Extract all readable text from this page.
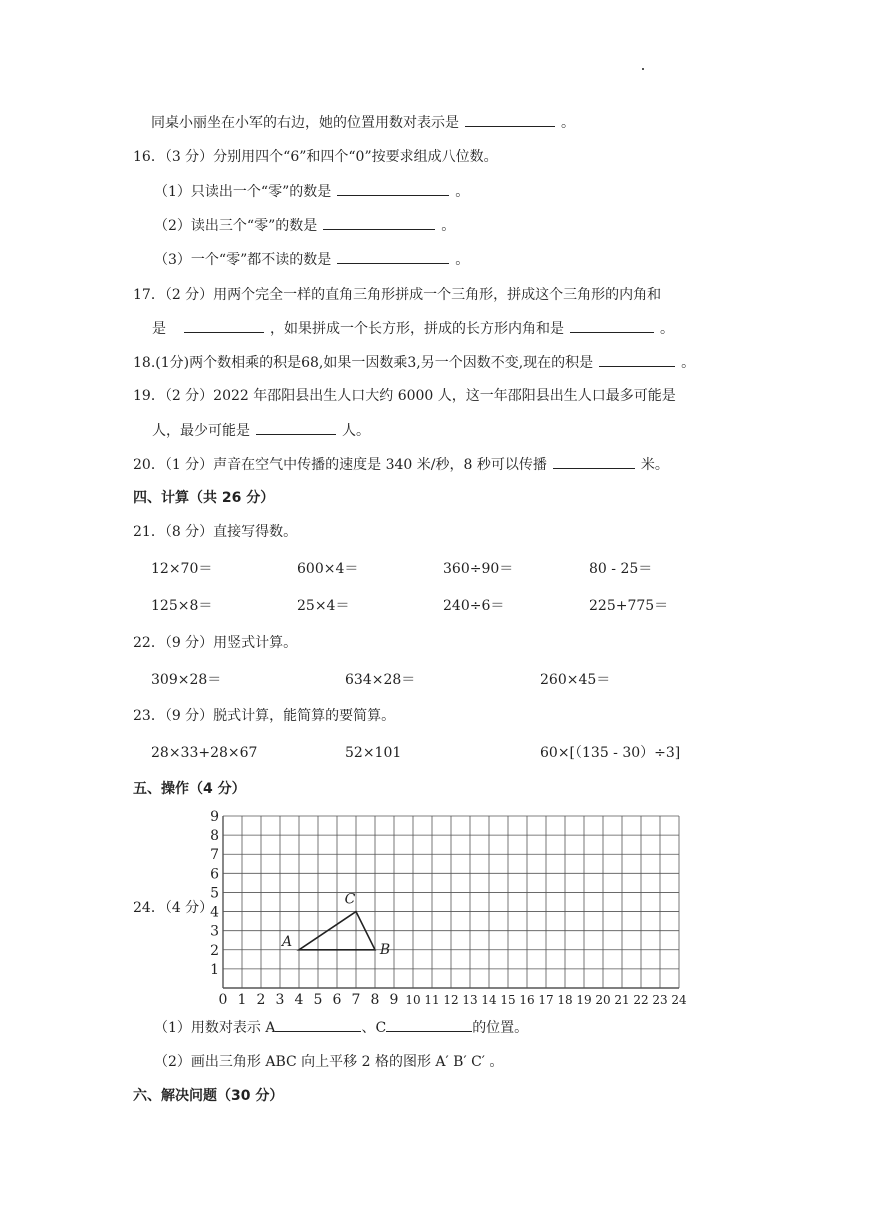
同桌小丽坐在小军的右边，她的位置用数对表示是	。
16．（3 分）分别用四个“6”和四个“0”按要求组成八位数。
（1）只读出一个“零”的数是	。
（2）读出三个“零”的数是	。
（3）一个“零”都不读的数是	。
17．（2 分）用两个完全一样的直角三角形拼成一个三角形，拼成这个三角形的内角和
是	，如果拼成一个长方形，拼成的长方形内角和是	。
18.(1分)两个数相乘的积是68,如果一因数乘3,另一个因数不变,现在的积是	。
19．（2 分）2022 年邵阳县出生人口大约 6000 人，这一年邵阳县出生人口最多可能是
人，最少可能是	人。
20．（1 分）声音在空气中传播的速度是 340 米/秒，8 秒可以传播	米。
四、计算（共 26 分）
21．（8 分）直接写得数。
12×70＝	600×4＝	360÷90＝	80 - 25＝
125×8＝	25×4＝	240÷6＝	225+775＝
22．（9 分）用竖式计算。
309×28＝	634×28＝	260×45＝
23．（9 分）脱式计算，能简算的要简算。
28×33+28×67	52×101	60×[（135 - 30）÷3]
五、操作（4 分）
24．（4 分）
0 1 2 3 4 5 6 7 8 9 10 11 12 13 14 15 16 17 18 19 20 21 22 23 24
1
2
3
4
5
6
7
8
9
A	B
C
（1）用数对表示 A	、C	的位置。
（2）画出三角形 ABC 向上平移 2 格的图形 A′ B′ C′ 。
六、解决问题（30 分）
